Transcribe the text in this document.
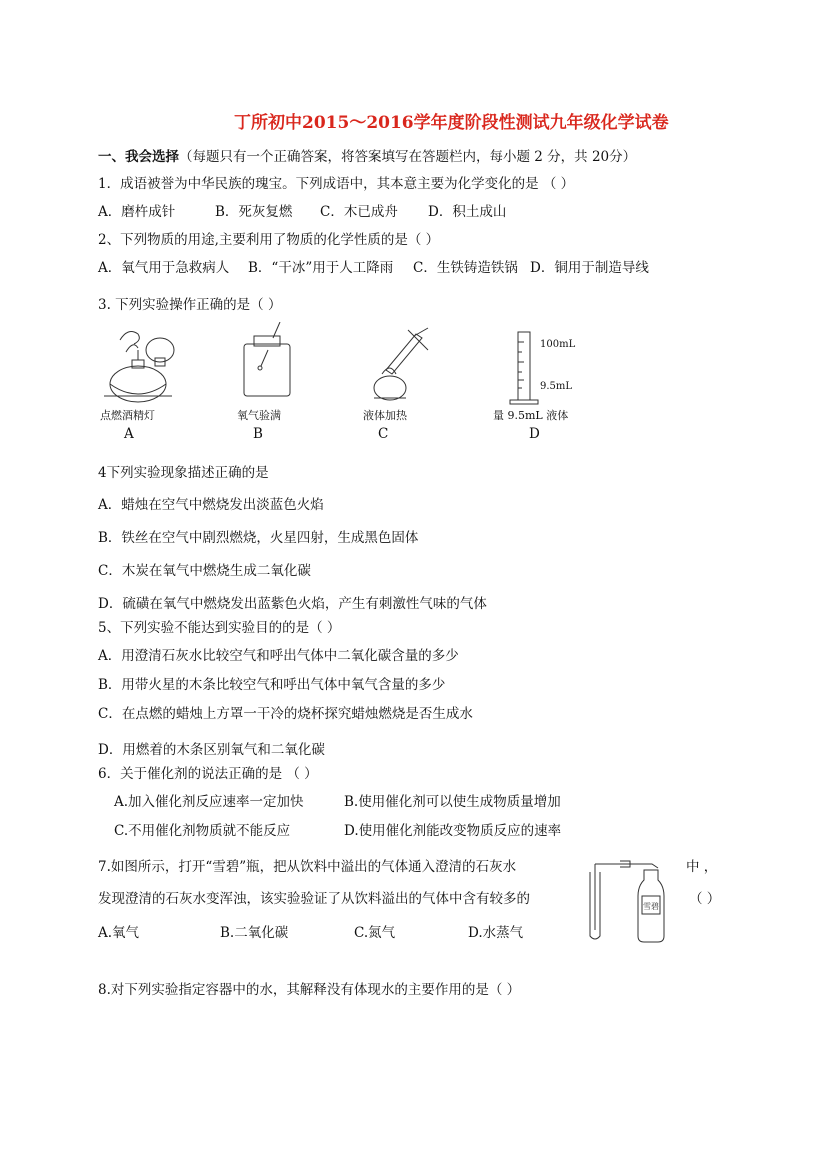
丁所初中2015～2016学年度阶段性测试九年级化学试卷
一、我会选择（每题只有一个正确答案，将答案填写在答题栏内，每小题 2 分，共 20分）
1．成语被誉为中华民族的瑰宝。下列成语中，其本意主要为化学变化的是 （ ）
A．磨杵成针	B．死灰复燃 C．木已成舟 D．积土成山
2、下列物质的用途,主要利用了物质的化学性质的是（ ）
A．氧气用于急救病人 B．“干冰”用于人工降雨 C．生铁铸造铁锅 D．铜用于制造导线
3. 下列实验操作正确的是（ ）
100mL
9.5mL
点燃酒精灯	氧气验满	液体加热	量 9.5mL 液体
A	B	C	D
4下列实验现象描述正确的是
A．蜡烛在空气中燃烧发出淡蓝色火焰
B．铁丝在空气中剧烈燃烧，火星四射，生成黑色固体
C．木炭在氧气中燃烧生成二氧化碳
D．硫磺在氧气中燃烧发出蓝紫色火焰，产生有刺激性气味的气体
5、下列实验不能达到实验目的的是（ ）
A．用澄清石灰水比较空气和呼出气体中二氧化碳含量的多少
B．用带火星的木条比较空气和呼出气体中氧气含量的多少
C．在点燃的蜡烛上方罩一干冷的烧杯探究蜡烛燃烧是否生成水
D．用燃着的木条区别氧气和二氧化碳
6．关于催化剂的说法正确的是 （ ）
A.加入催化剂反应速率一定加快	B.使用催化剂可以使生成物质量增加
C.不用催化剂物质就不能反应	D.使用催化剂能改变物质反应的速率
7.如图所示，打开“雪碧”瓶，把从饮料中溢出的气体通入澄清的石灰水	中 ，
发现澄清的石灰水变浑浊，该实验验证了从饮料溢出的气体中含有较多的	（ ）
A.氧气	B.二氧化碳	C.氮气	D.水蒸气
雪碧
8.对下列实验指定容器中的水，其解释没有体现水的主要作用的是（ ）
